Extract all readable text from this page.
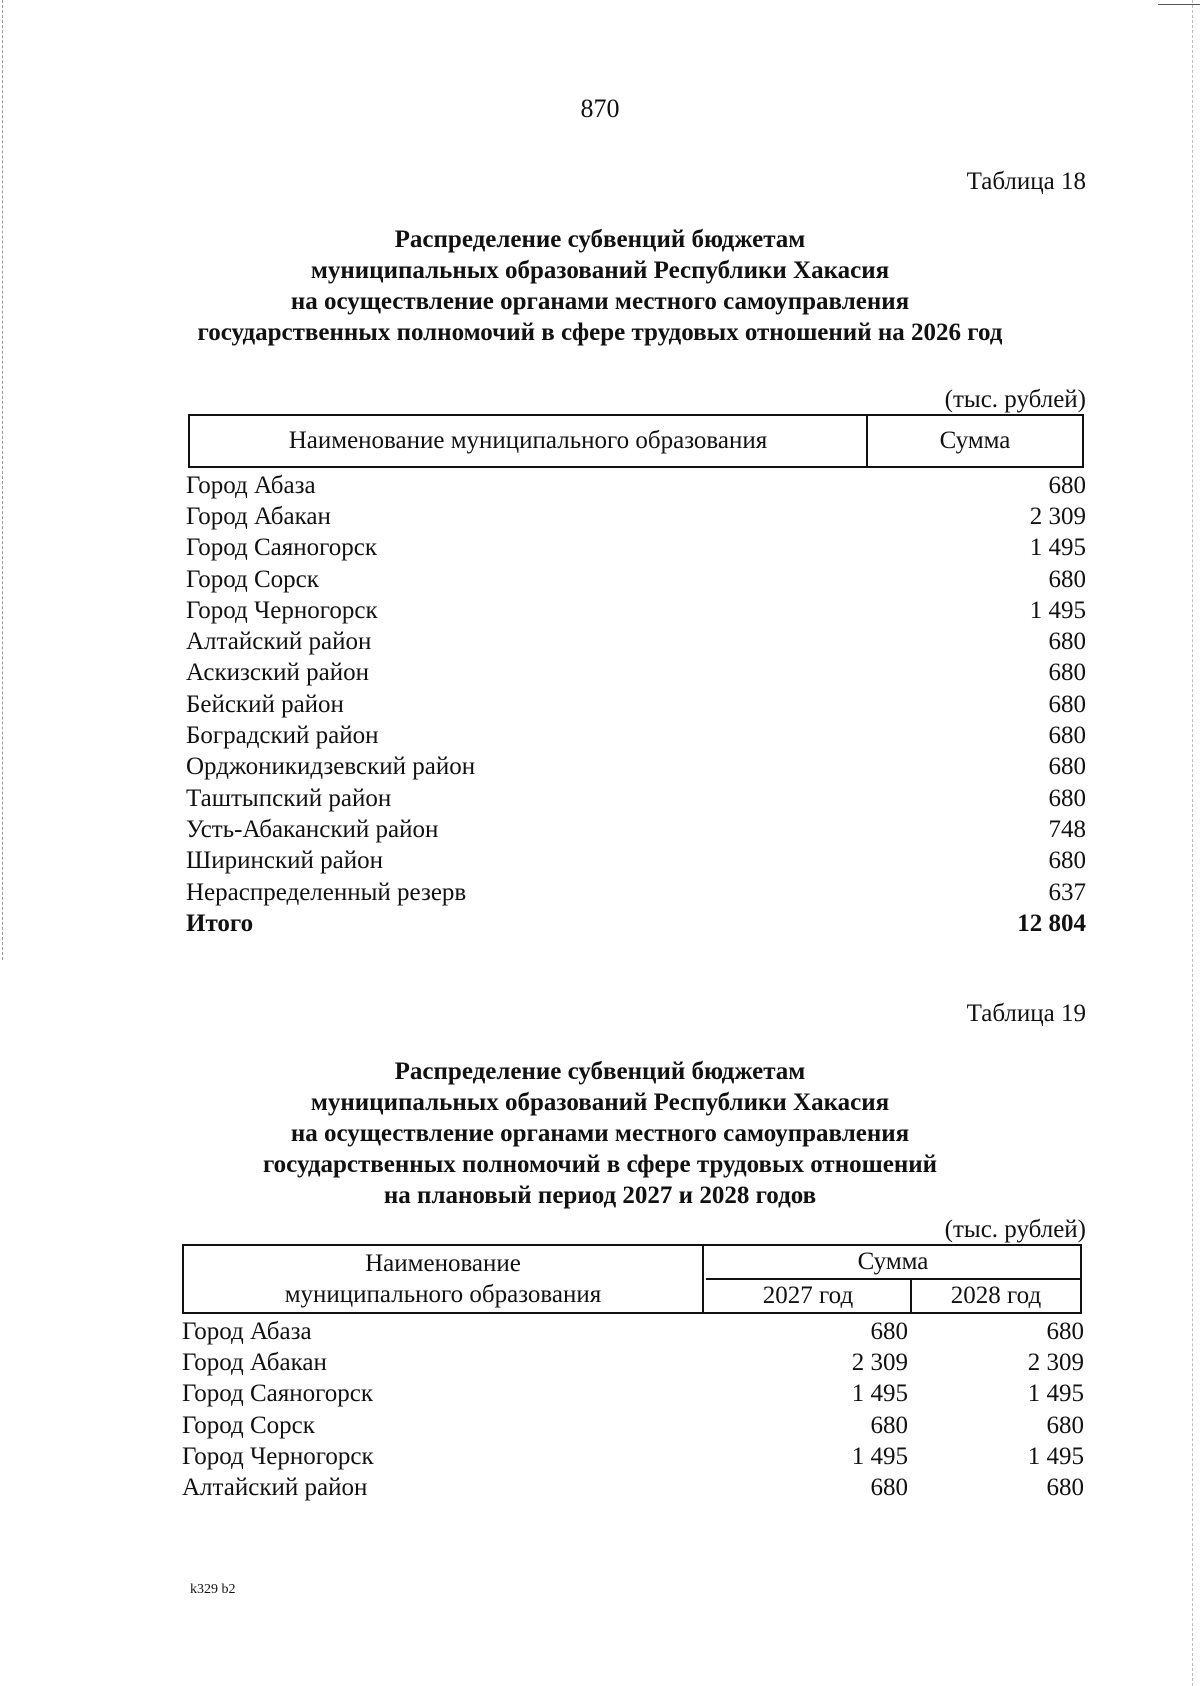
870
Таблица 18
Распределение субвенций бюджетам
муниципальных образований Республики Хакасия
на осуществление органами местного самоуправления
государственных полномочий в сфере трудовых отношений на 2026 год
(тыс. рублей)
Наименование муниципального образования	Сумма
Город Абаза	680
Город Абакан	2 309
Город Саяногорск	1 495
Город Сорск	680
Город Черногорск	1 495
Алтайский район	680
Аскизский район	680
Бейский район	680
Боградский район	680
Орджоникидзевский район	680
Таштыпский район	680
Усть-Абаканский район	748
Ширинский район	680
Нераспределенный резерв	637
Итого	12 804
Таблица 19
Распределение субвенций бюджетам
муниципальных образований Республики Хакасия
на осуществление органами местного самоуправления
государственных полномочий в сфере трудовых отношений
на плановый период 2027 и 2028 годов
(тыс. рублей)
Наименование
муниципального образования
Сумма
2027 год	2028 год
Город Абаза	680	680
Город Абакан	2 309	2 309
Город Саяногорск	1 495	1 495
Город Сорск	680	680
Город Черногорск	1 495	1 495
Алтайский район	680	680
k329 b2
